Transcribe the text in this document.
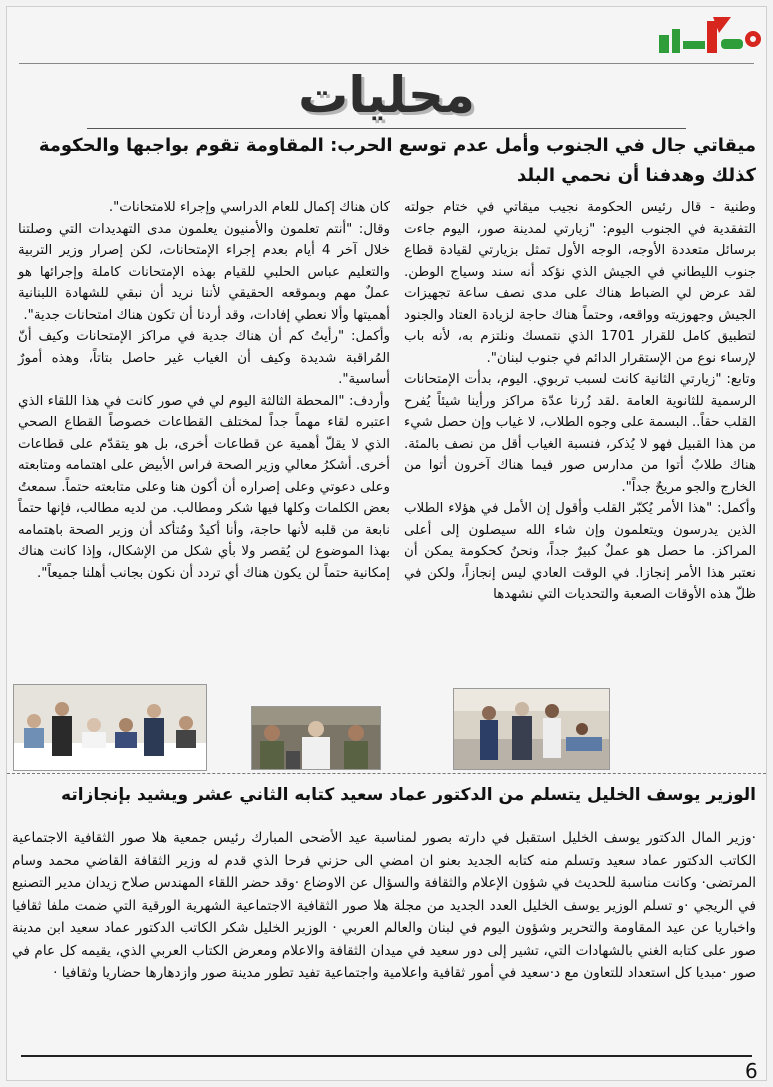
محليات
ميقاتي جال في الجنوب وأمل عدم توسع الحرب: المقاومة تقوم بواجبها والحكومة كذلك وهدفنا أن نحمي البلد

وطنية - قال رئيس الحكومة نجيب ميقاتي في ختام جولته التفقدية في الجنوب اليوم: "زيارتي لمدينة صور، اليوم جاءت برسائل متعددة الأوجه، الوجه الأول تمثل بزيارتي لقيادة قطاع جنوب الليطاني في الجيش الذي نؤكد أنه سند وسياج الوطن. لقد عرض لي الضباط هناك على مدى نصف ساعة تجهيزات الجيش وجهوزيته وواقعه، وحتماً هناك حاجة لزيادة العتاد والجنود لتطبيق كامل للقرار 1701 الذي نتمسك ونلتزم به، لأنه باب لإرساء نوع من الإستقرار الدائم في جنوب لبنان".

وتابع: "زيارتي الثانية كانت لسبب تربوي. اليوم، بدأت الإمتحانات الرسمية للثانوية العامة .لقد زُرنا عدّة مراكز ورأينا شيئاً يُفرح القلب حقاً.. البسمة على وجوه الطلاب، لا غياب وإن حصل شيء من هذا القبيل فهو لا يُذكر، فنسبة الغياب أقل من نصف بالمئة. هناك طلابٌ أتوا من مدارس صور فيما هناك آخرون أتوا من الخارج والجو مريحٌ جداً".

وأكمل: "هذا الأمر يُكبّر القلب وأقول إن الأمل في هؤلاء الطلاب الذين يدرسون ويتعلمون وإن شاء الله سيصلون إلى أعلى المراكز. ما حصل هو عملٌ كبيرٌ جداً، ونحنُ كحكومة يمكن أن نعتبر هذا الأمر إنجازا. في الوقت العادي ليس إنجازاً، ولكن في ظلّ هذه الأوقات الصعبة والتحديات التي نشهدها

كان هناك إكمال للعام الدراسي وإجراء للامتحانات".

وقال: "أنتم تعلمون والأمنيون يعلمون مدى التهديدات التي وصلتنا خلال آخر 4 أيام بعدم إجراء الإمتحانات، لكن إصرار وزير التربية والتعليم عباس الحلبي للقيام بهذه الإمتحانات كاملة وإجرائها هو عملٌ مهم وبموقعه الحقيقي لأننا نريد أن نبقي للشهادة اللبنانية أهميتها وألا نعطي إفادات، وقد أردنا أن تكون هناك امتحانات جدية".

وأكمل: "رأيتُ كم أن هناك جدية في مراكز الإمتحانات وكيف أنّ المُراقبة شديدة وكيف أن الغياب غير حاصل بتاتاً، وهذه أمورٌ أساسية".

وأردف: "المحطة الثالثة اليوم لي في صور كانت في هذا اللقاء الذي اعتبره لقاء مهماً جداً لمختلف القطاعات خصوصاً القطاع الصحي الذي لا يقلّ أهمية عن قطاعات أخرى، بل هو يتقدّم على قطاعات أخرى. أشكرُ معالي وزير الصحة فراس الأبيض على اهتمامه ومتابعته وعلى دعوتي وعلى إصراره أن أكون هنا وعلى متابعته حتماً. سمعتُ بعض الكلمات وكلها فيها شكر ومطالب. من لديه مطالب، فإنها حتماً نابعة من قلبه لأنها حاجة، وأنا أكيدٌ ومُتأكد أن وزير الصحة باهتمامه بهذا الموضوع لن يُقصر ولا بأي شكل من الإشكال، وإذا كانت هناك إمكانية حتماً لن يكون هناك أي تردد أن نكون بجانب أهلنا جميعاً".

الوزير يوسف الخليل يتسلم من الدكتور عماد سعيد كتابه الثاني عشر ويشيد بإنجازاته

·وزير المال الدكتور يوسف الخليل استقبل في دارته بصور لمناسبة عيد الأضحى المبارك رئيس جمعية هلا صور الثقافية الاجتماعية الكاتب الدكتور عماد سعيد وتسلم منه كتابه الجديد بعنو ان امضي الى حزني فرحا الذي قدم له وزير الثقافة القاضي محمد وسام المرتضى· وكانت مناسبة للحديث في شؤون الإعلام والثقافة والسؤال عن الاوضاع ·وقد حضر اللقاء المهندس صلاح زيدان مدير التصنيع في الريجي ·و تسلم الوزير يوسف الخليل العدد الجديد من مجلة هلا صور الثقافية الاجتماعية الشهرية الورقية التي ضمت ملفا ثقافيا واخباريا عن عيد المقاومة والتحرير وشؤون اليوم في لبنان والعالم العربي · الوزير الخليل شكر الكاتب الدكتور عماد سعيد ابن مدينة صور على كتابه الغني بالشهادات التي، تشير إلى دور سعيد في ميدان الثقافة والاعلام ومعرض الكتاب العربي الذي، يقيمه كل عام في صور ·مبديا كل استعداد للتعاون مع د·سعيد في أمور ثقافية واعلامية واجتماعية تفيد تطور مدينة صور وازدهارها حضاريا وثقافيا ·

6
